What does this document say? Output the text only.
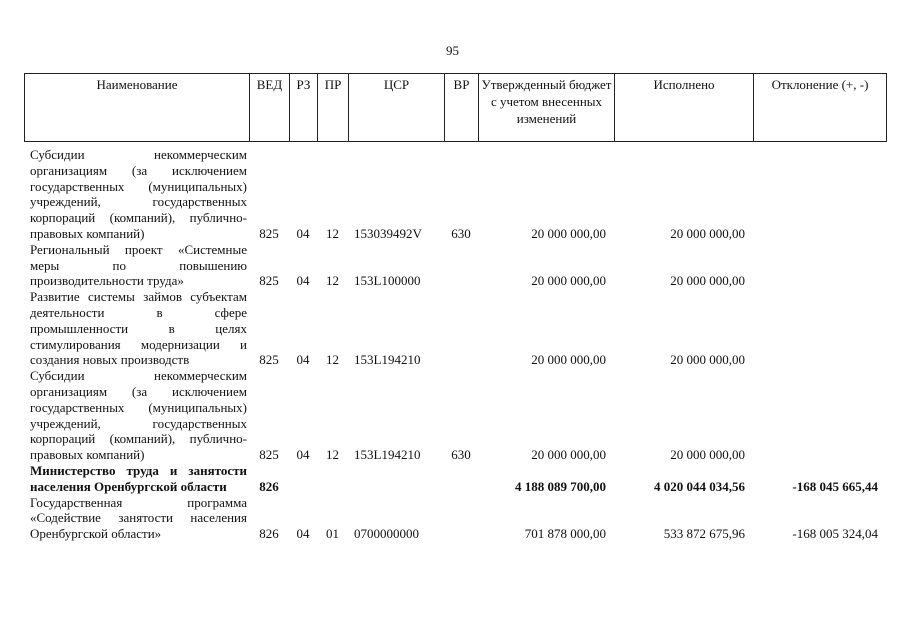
95
Наименование	ВЕД	РЗ	ПР	ЦСР	ВР	Утвержденный бюджет с учетом внесенных изменений	Исполнено	Отклонение (+, -)
Субсидии некоммерческим организациям (за исключением государственных (муниципальных) учреждений, государственных корпораций (компаний), публично-правовых компаний)	825	04	12	153039492V	630	20 000 000,00	20 000 000,00	
Региональный проект «Системные меры по повышению производительности труда»	825	04	12	153L100000		20 000 000,00	20 000 000,00	
Развитие системы займов субъектам деятельности в сфере промышленности в целях стимулирования модернизации и создания новых производств	825	04	12	153L194210		20 000 000,00	20 000 000,00	
Субсидии некоммерческим организациям (за исключением государственных (муниципальных) учреждений, государственных корпораций (компаний), публично-правовых компаний)	825	04	12	153L194210	630	20 000 000,00	20 000 000,00	
Министерство труда и занятости населения Оренбургской области	826					4 188 089 700,00	4 020 044 034,56	-168 045 665,44
Государственная программа «Содействие занятости населения Оренбургской области»	826	04	01	0700000000		701 878 000,00	533 872 675,96	-168 005 324,04
